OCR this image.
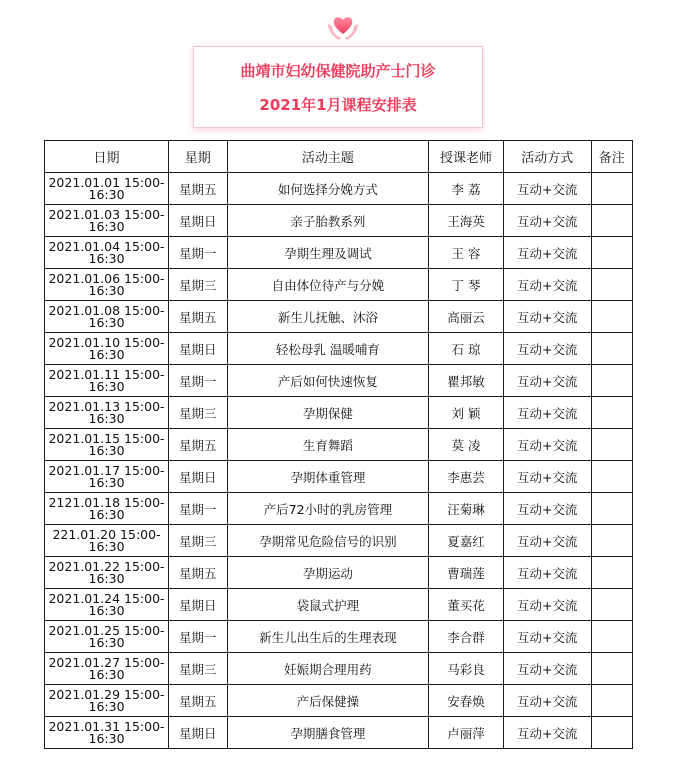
曲靖市妇幼保健院助产士门诊
2021年1月课程安排表
日期	星期	活动主题	授课老师	活动方式	备注
2021.01.01 15:00-16:30	星期五	如何选择分娩方式	李 荔	互动+交流	
2021.01.03 15:00-16:30	星期日	亲子胎教系列	王海英	互动+交流	
2021.01.04 15:00-16:30	星期一	孕期生理及调试	王 容	互动+交流	
2021.01.06 15:00-16:30	星期三	自由体位待产与分娩	丁 琴	互动+交流	
2021.01.08 15:00-16:30	星期五	新生儿抚触、沐浴	高丽云	互动+交流	
2021.01.10 15:00-16:30	星期日	轻松母乳 温暖哺育	石 琼	互动+交流	
2021.01.11 15:00-16:30	星期一	产后如何快速恢复	瞿邦敏	互动+交流	
2021.01.13 15:00-16:30	星期三	孕期保健	刘 颖	互动+交流	
2021.01.15 15:00-16:30	星期五	生育舞蹈	莫 凌	互动+交流	
2021.01.17 15:00-16:30	星期日	孕期体重管理	李惠芸	互动+交流	
2121.01.18 15:00-16:30	星期一	产后72小时的乳房管理	汪菊琳	互动+交流	
221.01.20 15:00-16:30	星期三	孕期常见危险信号的识别	夏嘉红	互动+交流	
2021.01.22 15:00-16:30	星期五	孕期运动	曹瑞莲	互动+交流	
2021.01.24 15:00-16:30	星期日	袋鼠式护理	董买花	互动+交流	
2021.01.25 15:00-16:30	星期一	新生儿出生后的生理表现	李合群	互动+交流	
2021.01.27 15:00-16:30	星期三	妊娠期合理用药	马彩良	互动+交流	
2021.01.29 15:00-16:30	星期五	产后保健操	安春焕	互动+交流	
2021.01.31 15:00-16:30	星期日	孕期膳食管理	卢丽萍	互动+交流	
